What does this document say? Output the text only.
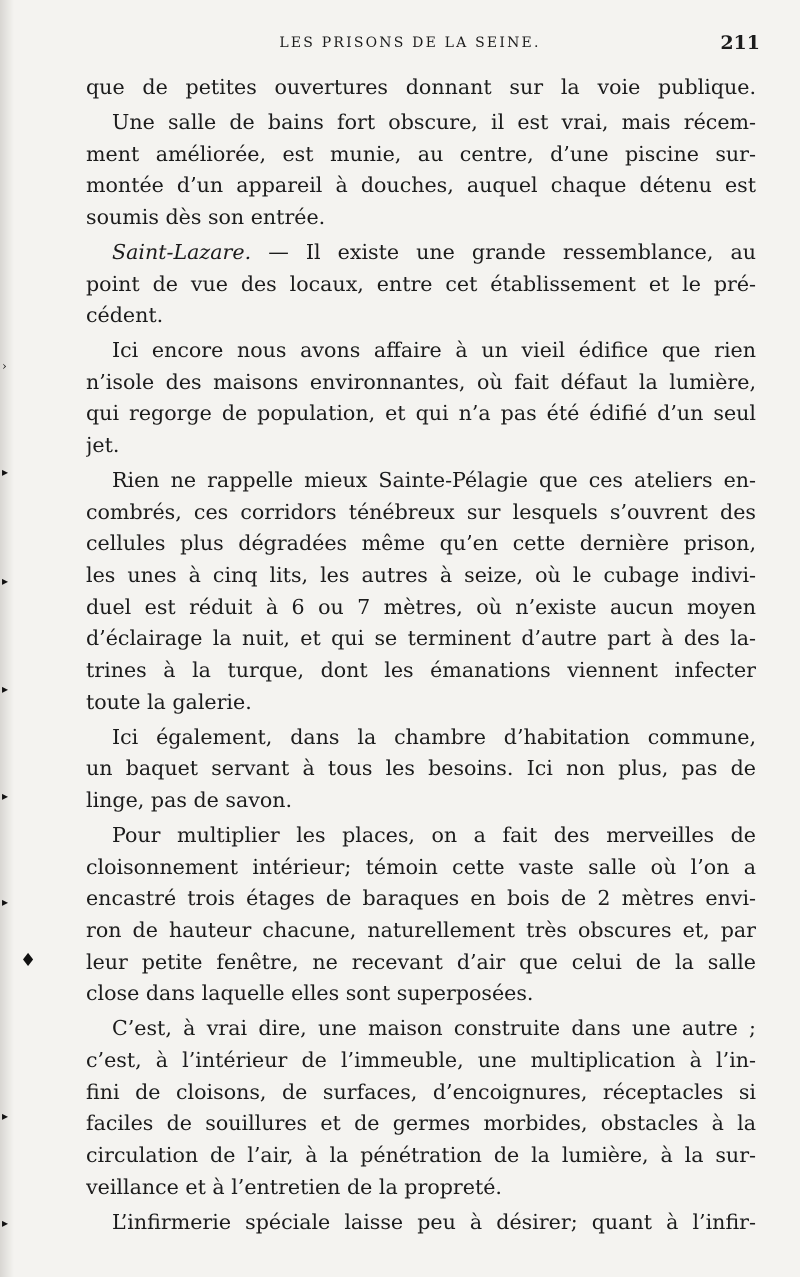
›
▸
▸
▸
▸
▸
♦
▸
▸
LES PRISONS DE LA SEINE.	211
que de petites ouvertures donnant sur la voie publique.
Une salle de bains fort obscure, il est vrai, mais récem-
ment améliorée, est munie, au centre, d’une piscine sur-
montée d’un appareil à douches, auquel chaque détenu est
soumis dès son entrée.
Saint-Lazare. — Il existe une grande ressemblance, au
point de vue des locaux, entre cet établissement et le pré-
cédent.
Ici encore nous avons affaire à un vieil édifice que rien
n’isole des maisons environnantes, où fait défaut la lumière,
qui regorge de population, et qui n’a pas été édifié d’un seul
jet.
Rien ne rappelle mieux Sainte-Pélagie que ces ateliers en-
combrés, ces corridors ténébreux sur lesquels s’ouvrent des
cellules plus dégradées même qu’en cette dernière prison,
les unes à cinq lits, les autres à seize, où le cubage indivi-
duel est réduit à 6 ou 7 mètres, où n’existe aucun moyen
d’éclairage la nuit, et qui se terminent d’autre part à des la-
trines à la turque, dont les émanations viennent infecter
toute la galerie.
Ici également, dans la chambre d’habitation commune,
un baquet servant à tous les besoins. Ici non plus, pas de
linge, pas de savon.
Pour multiplier les places, on a fait des merveilles de
cloisonnement intérieur; témoin cette vaste salle où l’on a
encastré trois étages de baraques en bois de 2 mètres envi-
ron de hauteur chacune, naturellement très obscures et, par
leur petite fenêtre, ne recevant d’air que celui de la salle
close dans laquelle elles sont superposées.
C’est, à vrai dire, une maison construite dans une autre ;
c’est, à l’intérieur de l’immeuble, une multiplication à l’in-
fini de cloisons, de surfaces, d’encoignures, réceptacles si
faciles de souillures et de germes morbides, obstacles à la
circulation de l’air, à la pénétration de la lumière, à la sur-
veillance et à l’entretien de la propreté.
L’infirmerie spéciale laisse peu à désirer; quant à l’infir-
